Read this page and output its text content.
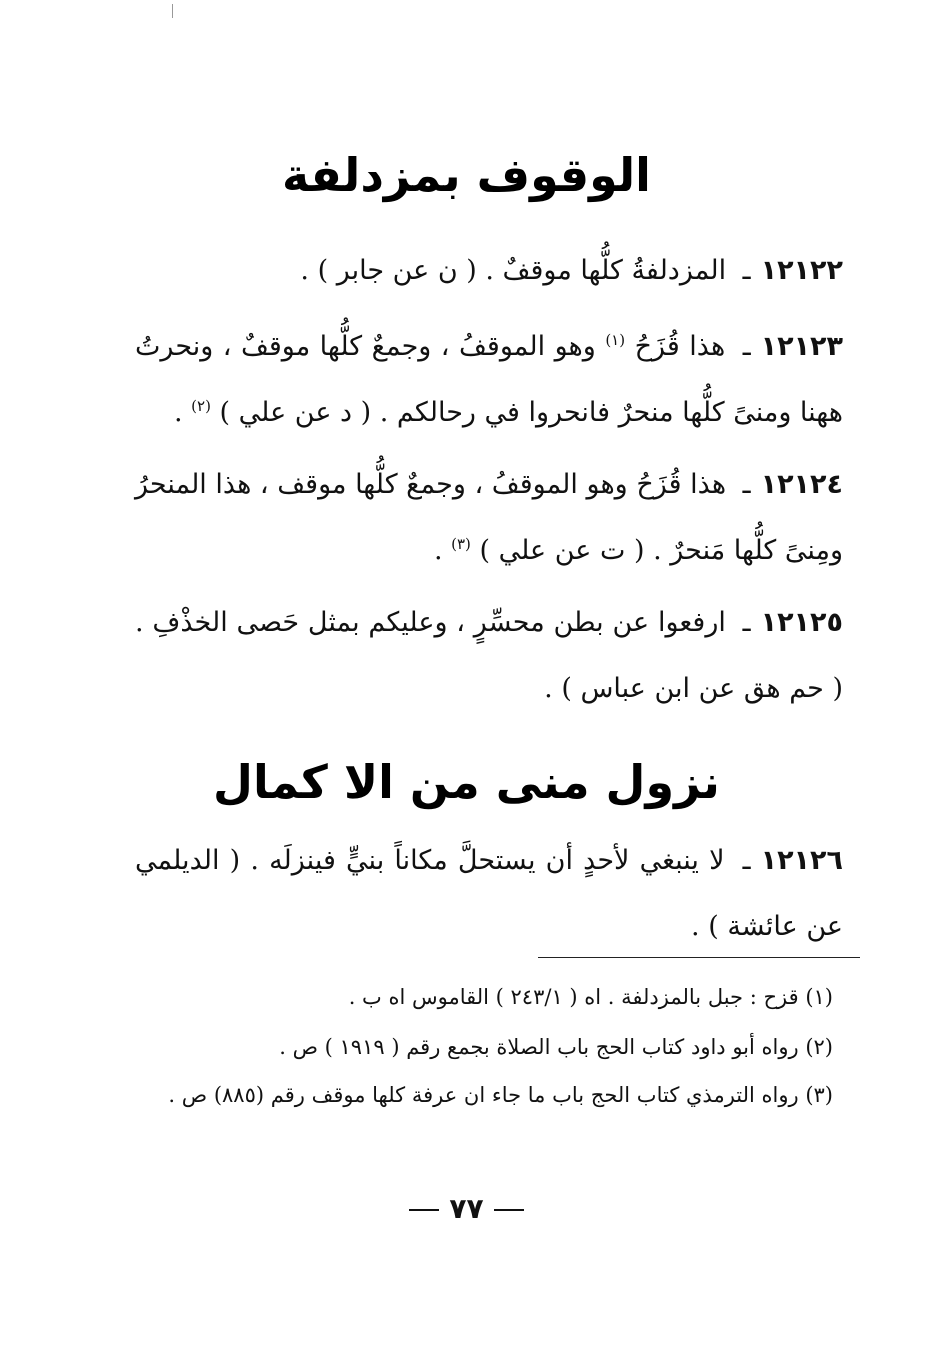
الوقوف بمزدلفة

١٢١٢٢ـ المزدلفةُ كلُّها موقفٌ . ( ن عن جابر ) .

١٢١٢٣ـ هذا قُزَحُ $^{(١)}$ وهو الموقفُ ، وجمعٌ كلُّها موقفٌ ، ونحرتُ ههنا ومنىً كلُّها منحرٌ فانحروا في رحالكم . ( د عن علي ) $^{(٢)}$ .

١٢١٢٤ـ هذا قُزَحُ وهو الموقفُ ، وجمعٌ كلُّها موقف ، هذا المنحرُ ومِنىً كلُّها مَنحرٌ . ( ت عن علي ) $^{(٣)}$ .

١٢١٢٥ـ ارفعوا عن بطن محسِّرٍ ، وعليكم بمثل حَصى الخذْفِ . ( حم هق عن ابن عباس ) .

نزول منى من الا كمال

١٢١٢٦ـ لا ينبغي لأحدٍ أن يستحلَّ مكاناً بنيٍّ فينزلَه . ( الديلمي عن عائشة ) .

(١) قزح : جبل بالمزدلفة . اه ( ٢٤٣/١ ) القاموس اه ب .
(٢) رواه أبو داود كتاب الحج باب الصلاة بجمع رقم ( ١٩١٩ ) ص .
(٣) رواه الترمذي كتاب الحج باب ما جاء ان عرفة كلها موقف رقم (٨٨٥) ص .
٧٧
